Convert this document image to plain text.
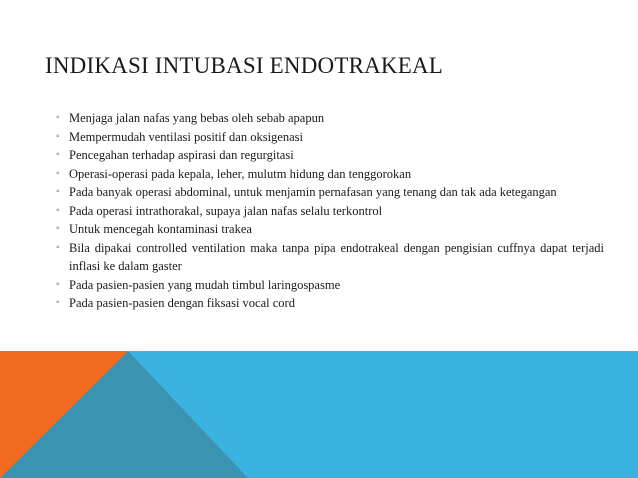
INDIKASI INTUBASI ENDOTRAKEAL
◦ Menjaga jalan nafas yang bebas oleh sebab apapun
◦ Mempermudah ventilasi positif dan oksigenasi
◦ Pencegahan terhadap aspirasi dan regurgitasi
◦ Operasi-operasi pada kepala, leher, mulutm hidung dan tenggorokan
◦ Pada banyak operasi abdominal, untuk menjamin pernafasan yang tenang dan tak ada ketegangan
◦ Pada operasi intrathorakal, supaya jalan nafas selalu terkontrol
◦ Untuk mencegah kontaminasi trakea
◦ Bila dipakai controlled ventilation maka tanpa pipa endotrakeal dengan pengisian cuffnya dapat terjadi inflasi ke dalam gaster
◦ Pada pasien-pasien yang mudah timbul laringospasme
◦ Pada pasien-pasien dengan fiksasi vocal cord
